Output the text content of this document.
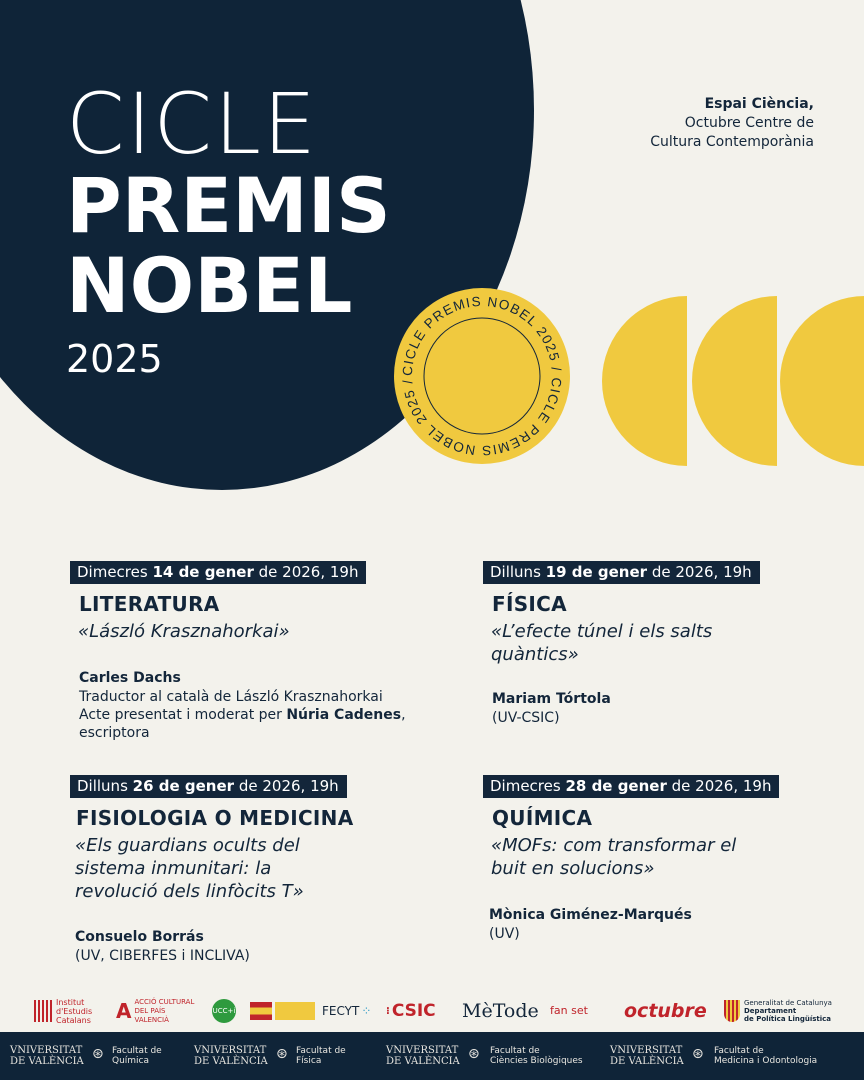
CICLE
PREMIS
NOBEL
2025
Espai Ciència,
Octubre Centre de
Cultura Contemporània
CICLE PREMIS NOBEL 2025 / CICLE PREMIS NOBEL 2025 /
Dimecres 14 de gener de 2026, 19h
LITERATURA
«László Krasznahorkai»
Carles Dachs
Traductor al català de László Krasznahorkai
Acte presentat i moderat per Núria Cadenes,
escriptora
Dilluns 19 de gener de 2026, 19h
FÍSICA
«L’efecte túnel i els salts
quàntics»
Mariam Tórtola
(UV-CSIC)
Dilluns 26 de gener de 2026, 19h
FISIOLOGIA O MEDICINA
«Els guardians ocults del
sistema inmunitari: la
revolució dels linfòcits T»
Consuelo Borrás
(UV, CIBERFES i INCLIVA)
Dimecres 28 de gener de 2026, 19h
QUÍMICA
«MOFs: com transformar el
buit en solucions»
Mònica Giménez-Marqués
(UV)
Institut d'Estudis Catalans	A ACCIÓ CULTURAL DEL PAÍS VALENCIÀ
UCC+i	FECYT ⁘ ⁝ CSIC MèTode fan set	octubre	Generalitat de Catalunya
Departament
de Política Lingüística
VNIVERSITAT
DE VALÈNCIA ⊛ Facultat de
Química
VNIVERSITAT
DE VALÈNCIA ⊛ Facultat de
Física
VNIVERSITAT
DE VALÈNCIA ⊛ Facultat de
Ciències Biològiques
VNIVERSITAT
DE VALÈNCIA ⊛ Facultat de
Medicina i Odontologia
